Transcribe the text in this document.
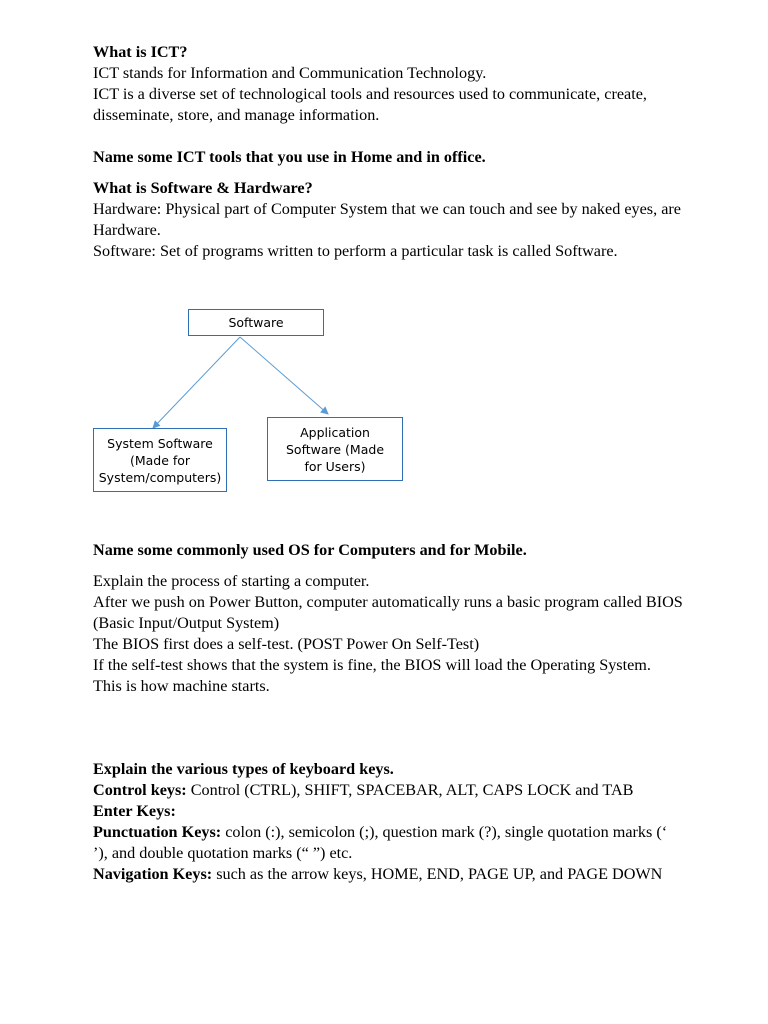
What is ICT?

ICT stands for Information and Communication Technology.

ICT is a diverse set of technological tools and resources used to communicate, create, disseminate, store, and manage information.

Name some ICT tools that you use in Home and in office.

What is Software & Hardware?

Hardware: Physical part of Computer System that we can touch and see by naked eyes, are Hardware.

Software: Set of programs written to perform a particular task is called Software.

Name some commonly used OS for Computers and for Mobile.

Explain the process of starting a computer.

After we push on Power Button, computer automatically runs a basic program called BIOS (Basic Input/Output System)

The BIOS first does a self-test. (POST Power On Self-Test)

If the self-test shows that the system is fine, the BIOS will load the Operating System.

This is how machine starts.

Explain the various types of keyboard keys.

Control keys: Control (CTRL), SHIFT, SPACEBAR, ALT, CAPS LOCK and TAB

Enter Keys:

Punctuation Keys: colon (:), semicolon (;), question mark (?), single quotation marks (‘ ’), and double quotation marks (“ ”) etc.

Navigation Keys: such as the arrow keys, HOME, END, PAGE UP, and PAGE DOWN

Software
System Software (Made for System/computers)
Application Software (Made for Users)
